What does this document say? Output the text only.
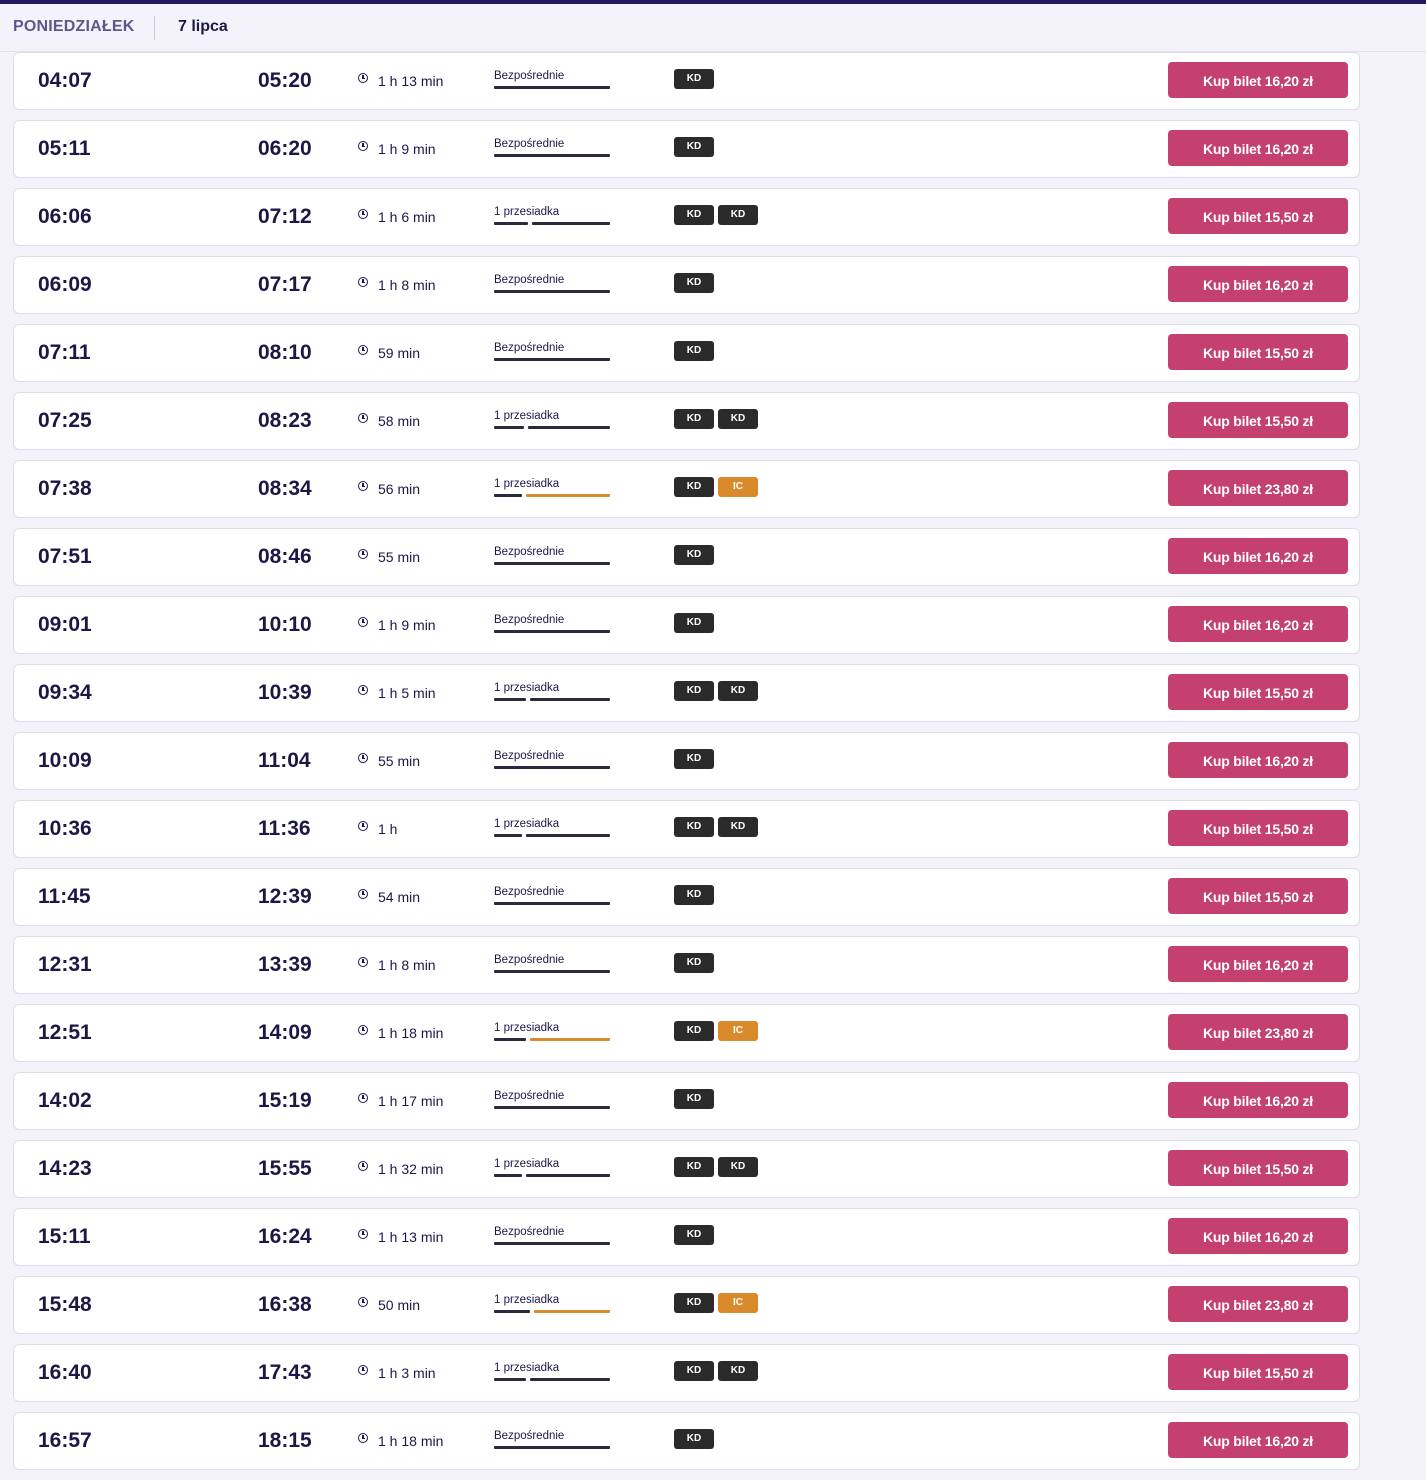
04:07	05:20	1 h 13 min	Bezpośrednie	KD	Kup bilet 16,20 zł
05:11	06:20	1 h 9 min	Bezpośrednie	KD	Kup bilet 16,20 zł
06:06	07:12	1 h 6 min	1 przesiadka	KD	KD	Kup bilet 15,50 zł
06:09	07:17	1 h 8 min	Bezpośrednie	KD	Kup bilet 16,20 zł
07:11	08:10	59 min	Bezpośrednie	KD	Kup bilet 15,50 zł
07:25	08:23	58 min	1 przesiadka	KD	KD	Kup bilet 15,50 zł
07:38	08:34	56 min	1 przesiadka	KD	IC	Kup bilet 23,80 zł
07:51	08:46	55 min	Bezpośrednie	KD	Kup bilet 16,20 zł
09:01	10:10	1 h 9 min	Bezpośrednie	KD	Kup bilet 16,20 zł
09:34	10:39	1 h 5 min	1 przesiadka	KD	KD	Kup bilet 15,50 zł
10:09	11:04	55 min	Bezpośrednie	KD	Kup bilet 16,20 zł
10:36	11:36	1 h	1 przesiadka	KD	KD	Kup bilet 15,50 zł
11:45	12:39	54 min	Bezpośrednie	KD	Kup bilet 15,50 zł
12:31	13:39	1 h 8 min	Bezpośrednie	KD	Kup bilet 16,20 zł
12:51	14:09	1 h 18 min	1 przesiadka	KD	IC	Kup bilet 23,80 zł
14:02	15:19	1 h 17 min	Bezpośrednie	KD	Kup bilet 16,20 zł
14:23	15:55	1 h 32 min	1 przesiadka	KD	KD	Kup bilet 15,50 zł
15:11	16:24	1 h 13 min	Bezpośrednie	KD	Kup bilet 16,20 zł
15:48	16:38	50 min	1 przesiadka	KD	IC	Kup bilet 23,80 zł
16:40	17:43	1 h 3 min	1 przesiadka	KD	KD	Kup bilet 15,50 zł
16:57	18:15	1 h 18 min	Bezpośrednie	KD	Kup bilet 16,20 zł
PONIEDZIAŁEK	7 lipca
